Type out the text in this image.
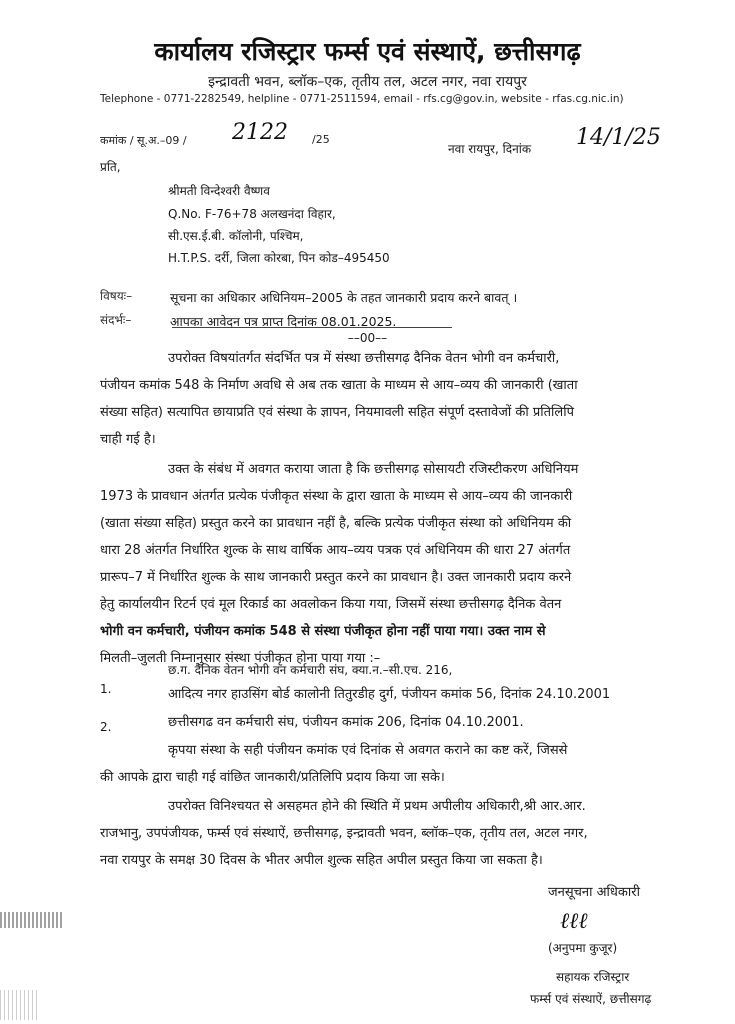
कार्यालय रजिस्ट्रार फर्म्स एवं संस्थाऐं, छत्तीसगढ़
इन्द्रावती भवन, ब्लॉक–एक, तृतीय तल, अटल नगर, नवा रायपुर
Telephone - 0771-2282549, helpline - 0771-2511594, email - rfs.cg@gov.in, website - rfas.cg.nic.in)
कमांक / सू.अ.–09 / 2122 /25
नवा रायपुर, दिनांक 14/1/25
प्रति,
श्रीमती विन्देश्वरी वैष्णव
Q.No. F-76+78 अलखनंदा विहार,
सी.एस.ई.बी. कॉलोनी, पश्चिम,
H.T.P.S. दर्री, जिला कोरबा, पिन कोड–495450
विषयः–	सूचना का अधिकार अधिनियम–2005 के तहत जानकारी प्रदाय करने बावत् ।
संदर्भः–	आपका आवेदन पत्र प्राप्त दिनांक 08.01.2025.
––00––
उपरोक्त विषयांतर्गत संदर्भित पत्र में संस्था छत्तीसगढ़ दैनिक वेतन भोगी वन कर्मचारी,
पंजीयन कमांक 548 के निर्माण अवधि से अब तक खाता के माध्यम से आय–व्यय की जानकारी (खाता
संख्या सहित) सत्यापित छायाप्रति एवं संस्था के ज्ञापन, नियमावली सहित संपूर्ण दस्तावेजों की प्रतिलिपि
चाही गई है।
उक्त के संबंध में अवगत कराया जाता है कि छत्तीसगढ़ सोसायटी रजिस्टीकरण अधिनियम
1973 के प्रावधान अंतर्गत प्रत्येक पंजीकृत संस्था के द्वारा खाता के माध्यम से आय–व्यय की जानकारी
(खाता संख्या सहित) प्रस्तुत करने का प्रावधान नहीं है, बल्कि प्रत्येक पंजीकृत संस्था को अधिनियम की
धारा 28 अंतर्गत निर्धारित शुल्क के साथ वार्षिक आय–व्यय पत्रक एवं अधिनियम की धारा 27 अंतर्गत
प्रारूप–7 में निर्धारित शुल्क के साथ जानकारी प्रस्तुत करने का प्रावधान है। उक्त जानकारी प्रदाय करने
हेतु कार्यालयीन रिटर्न एवं मूल रिकार्ड का अवलोकन किया गया, जिसमें संस्था छत्तीसगढ़ दैनिक वेतन
भोगी वन कर्मचारी, पंजीयन कमांक 548 से संस्था पंजीकृत होना नहीं पाया गया। उक्त नाम से
मिलती–जुलती निम्नानुसार संस्था पंजीकृत होना पाया गया :–
1.
छ.ग. दैनिक वेतन भोगी वन कर्मचारी संघ, क्या.न.–सी.एच. 216,
आदित्य नगर हाउसिंग बोर्ड कालोनी तितुरडीह दुर्ग, पंजीयन कमांक 56, दिनांक 24.10.2001
2.	छत्तीसगढ वन कर्मचारी संघ, पंजीयन कमांक 206, दिनांक 04.10.2001.
कृपया संस्था के सही पंजीयन कमांक एवं दिनांक से अवगत कराने का कष्ट करें, जिससे
की आपके द्वारा चाही गई वांछित जानकारी/प्रतिलिपि प्रदाय किया जा सके।
उपरोक्त विनिश्चयत से असहमत होने की स्थिति में प्रथम अपीलीय अधिकारी,श्री आर.आर.
राजभानु, उपपंजीयक, फर्म्स एवं संस्थाऐं, छत्तीसगढ़, इन्द्रावती भवन, ब्लॉक–एक, तृतीय तल, अटल नगर,
नवा रायपुर के समक्ष 30 दिवस के भीतर अपील शुल्क सहित अपील प्रस्तुत किया जा सकता है।
जनसूचना अधिकारी
ℓℓℓ
(अनुपमा कुजूर)
सहायक रजिस्ट्रार
फर्म्स एवं संस्थाऐं, छत्तीसगढ़
